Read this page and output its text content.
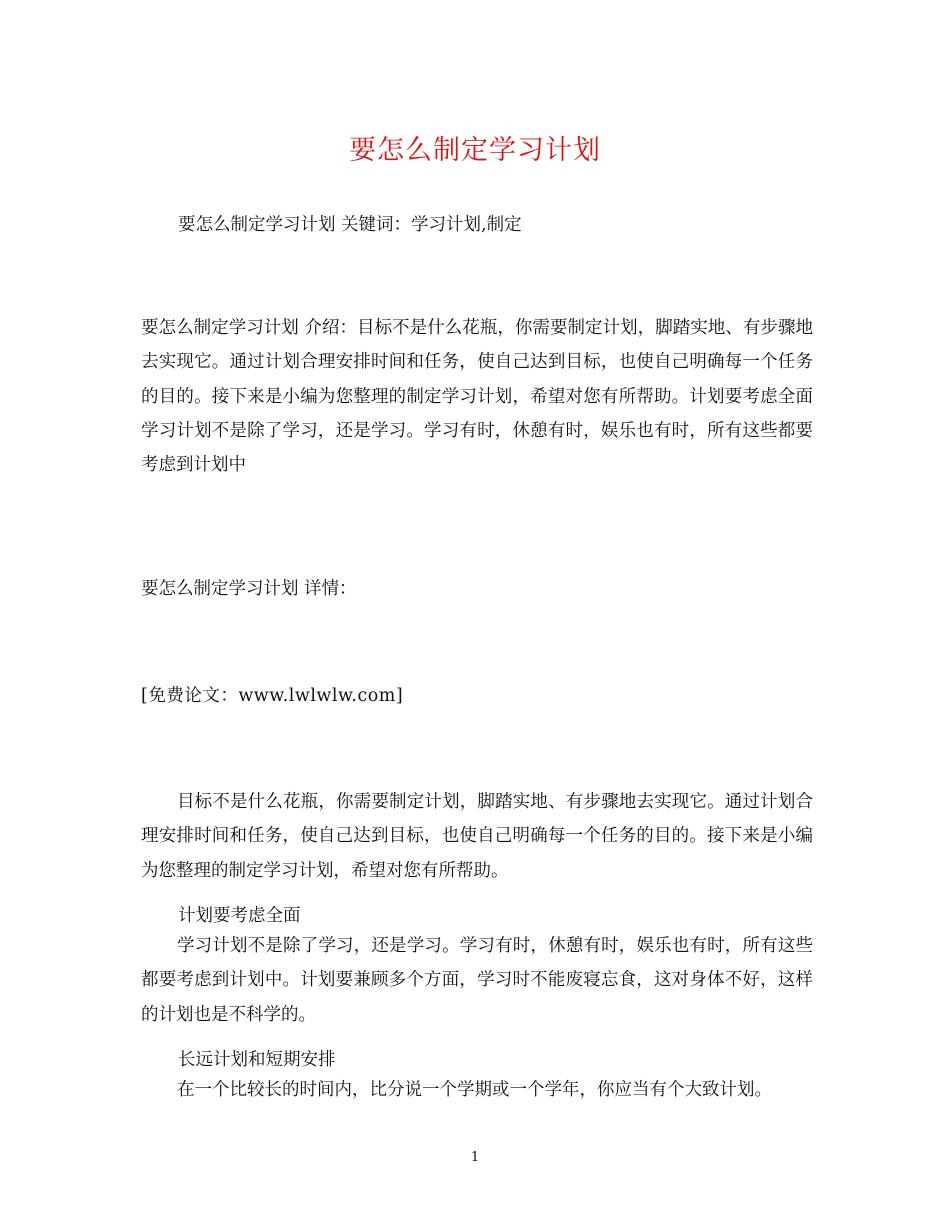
要怎么制定学习计划
要怎么制定学习计划 关键词：学习计划,制定

要怎么制定学习计划 介绍：目标不是什么花瓶，你需要制定计划，脚踏实地、有步骤地去实现它。通过计划合理安排时间和任务，使自己达到目标，也使自己明确每一个任务的目的。接下来是小编为您整理的制定学习计划，希望对您有所帮助。计划要考虑全面　　学习计划不是除了学习，还是学习。学习有时，休憩有时，娱乐也有时，所有这些都要考虑到计划中

要怎么制定学习计划 详情：
[免费论文：www.lwlwlw.com]

目标不是什么花瓶，你需要制定计划，脚踏实地、有步骤地去实现它。通过计划合理安排时间和任务，使自己达到目标，也使自己明确每一个任务的目的。接下来是小编为您整理的制定学习计划，希望对您有所帮助。

计划要考虑全面

学习计划不是除了学习，还是学习。学习有时，休憩有时，娱乐也有时，所有这些都要考虑到计划中。计划要兼顾多个方面，学习时不能废寝忘食，这对身体不好，这样的计划也是不科学的。

长远计划和短期安排

在一个比较长的时间内，比分说一个学期或一个学年，你应当有个大致计划。

1
